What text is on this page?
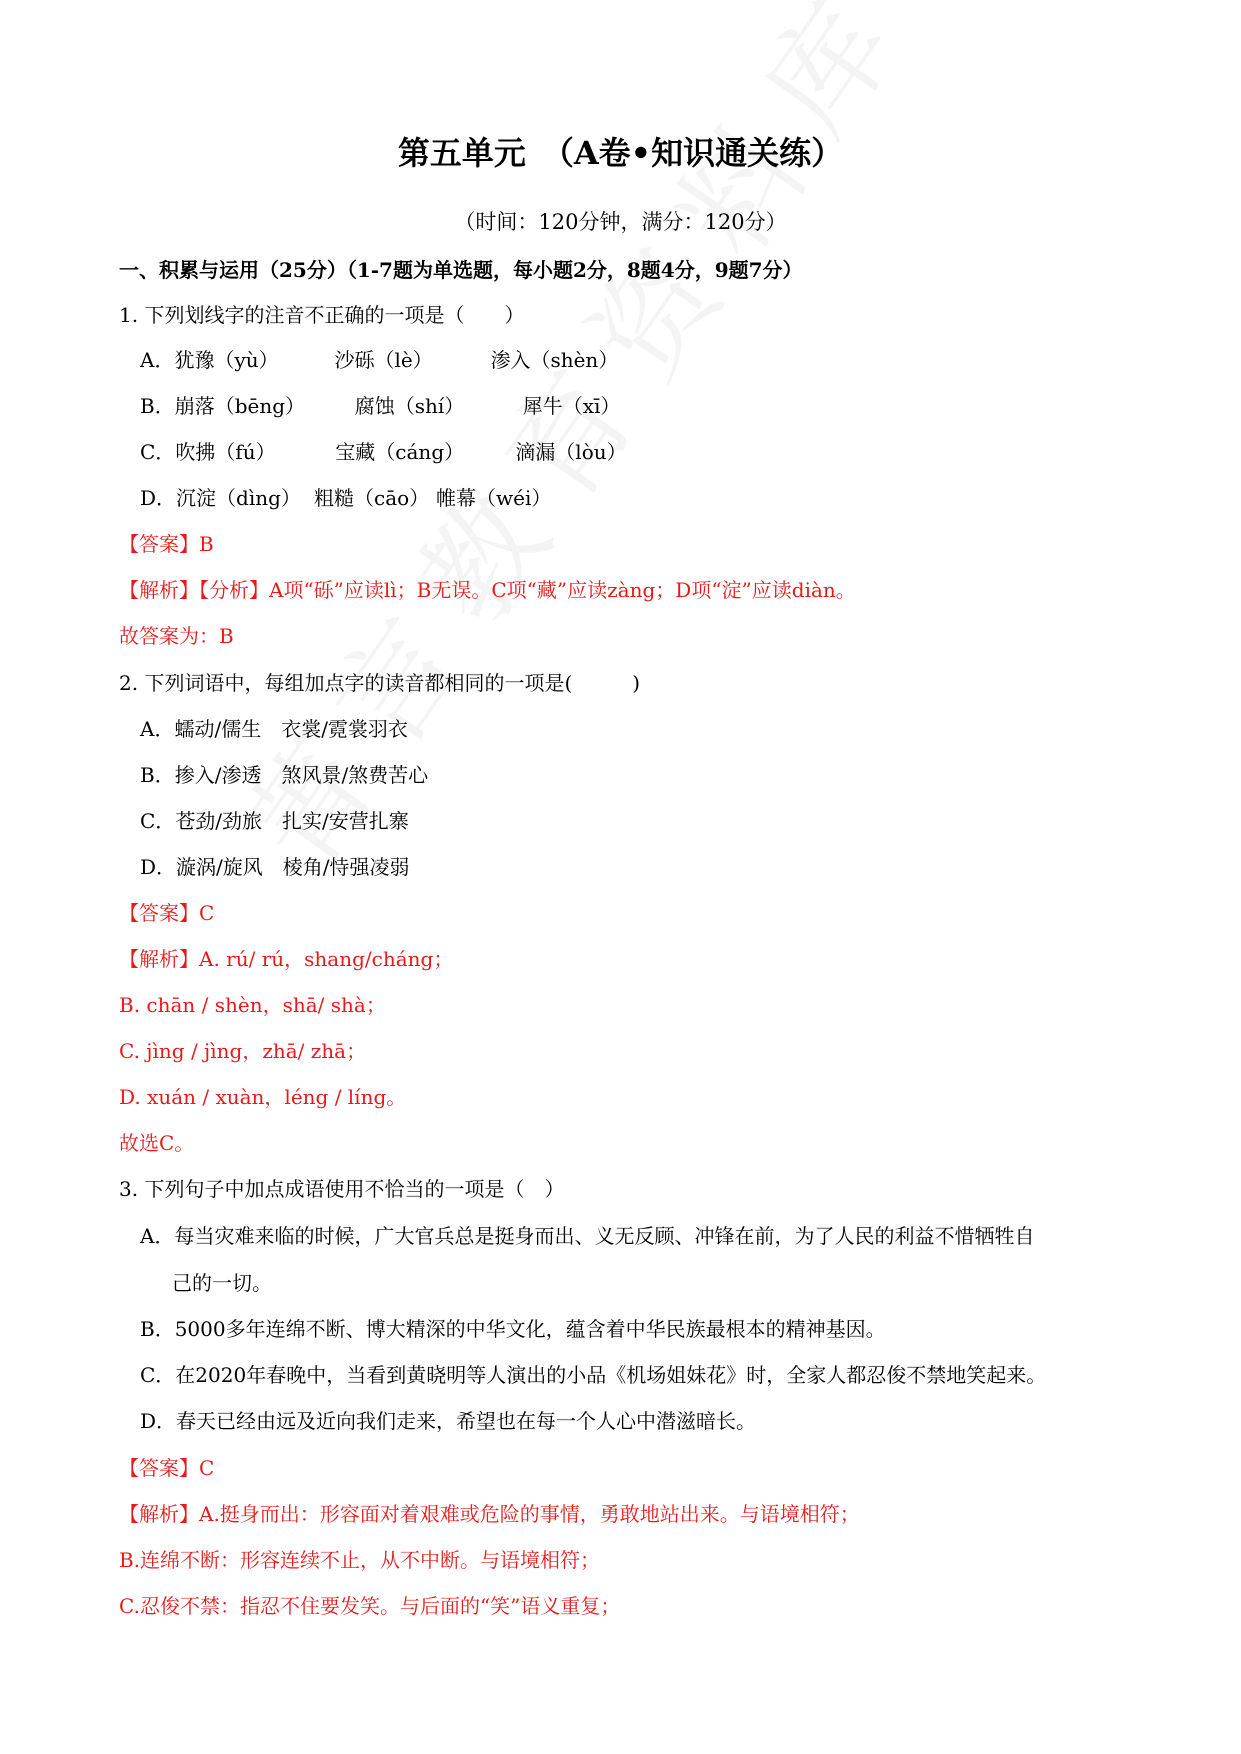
第五单元　（A卷•知识通关练）
（时间：120分钟，满分：120分）
一、积累与运用（25分）（1-7题为单选题，每小题2分，8题4分，9题7分）
1. 下列划线字的注音不正确的一项是（　　）
A．犹豫（yù）	沙砾（lè）	渗入（shèn）
B．崩落（bēng） 腐蚀（shí）	犀牛（xī）
C．吹拂（fú）	宝藏（cáng）	滴漏（lòu）
D．沉淀（dìng） 粗糙（cāo） 帷幕（wéi）
【答案】B
【解析】【分析】A项“砾”应读lì；B无误。C项“藏”应读zàng；D项“淀”应读diàn。
故答案为：B
2. 下列词语中，每组加点字的读音都相同的一项是(　　　)
A．蠕动/儒生　衣裳/霓裳羽衣
B．掺入/渗透　煞风景/煞费苦心
C．苍劲/劲旅　扎实/安营扎寨
D．漩涡/旋风　棱角/恃强凌弱
【答案】C
【解析】A. rú/ rú，shang/cháng；
B. chān / shèn，shā/ shà；
C. jìng / jìng，zhā/ zhā；
D. xuán / xuàn，léng / líng。
故选C。
3. 下列句子中加点成语使用不恰当的一项是（　）
A．每当灾难来临的时候，广大官兵总是挺身而出、义无反顾、冲锋在前，为了人民的利益不惜牺牲自
己的一切。
B．5000多年连绵不断、博大精深的中华文化，蕴含着中华民族最根本的精神基因。
C．在2020年春晚中，当看到黄晓明等人演出的小品《机场姐妹花》时，全家人都忍俊不禁地笑起来。
D．春天已经由远及近向我们走来，希望也在每一个人心中潜滋暗长。
【答案】C
【解析】A.挺身而出：形容面对着艰难或危险的事情，勇敢地站出来。与语境相符；
B.连绵不断：形容连续不止，从不中断。与语境相符；
C.忍俊不禁：指忍不住要发笑。与后面的“笑”语义重复；
